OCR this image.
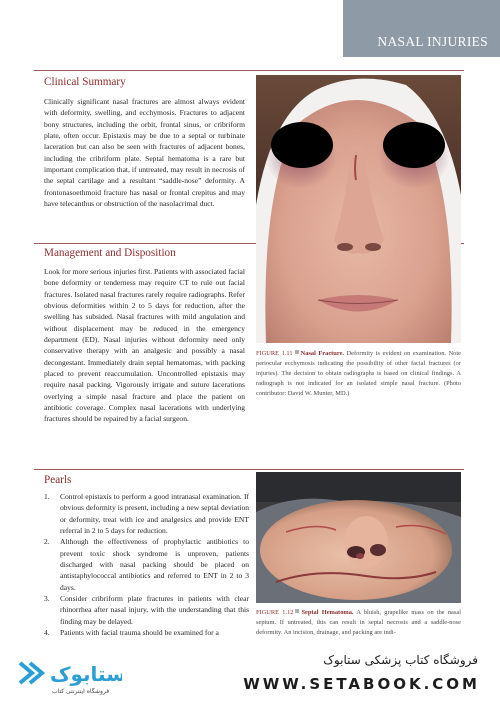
NASAL INJURIES
Clinical Summary

Clinically significant nasal fractures are almost always evident with deformity, swelling, and ecchymosis. Fractures to adjacent bony structures, including the orbit, frontal sinus, or cribriform plate, often occur. Epistaxis may be due to a septal or turbinate laceration but can also be seen with fractures of adjacent bones, including the cribriform plate. Septal hematoma is a rare but important complication that, if untreated, may result in necrosis of the septal cartilage and a resultant “saddle-nose” deformity. A frontonasoethmoid fracture has nasal or frontal crepitus and may have telecanthus or obstruction of the nasolacrimal duct.

Management and Disposition

Look for more serious injuries first. Patients with associated facial bone deformity or tenderness may require CT to rule out facial fractures. Isolated nasal fractures rarely require radiographs. Refer obvious deformities within 2 to 5 days for reduction, after the swelling has subsided. Nasal fractures with mild angulation and without displacement may be reduced in the emergency department (ED). Nasal injuries without deformity need only conservative therapy with an analgesic and possibly a nasal decongestant. Immediately drain septal hematomas, with packing placed to prevent reaccumulation. Uncontrolled epistaxis may require nasal packing. Vigorously irrigate and suture lacerations overlying a simple nasal fracture and place the patient on antibiotic coverage. Complex nasal lacerations with underlying fractures should be repaired by a facial surgeon.

Pearls
1. Control epistaxis to perform a good intranasal examination. If obvious deformity is present, including a new septal deviation or deformity, treat with ice and analgesics and provide ENT referral in 2 to 5 days for reduction.
2. Although the effectiveness of prophylactic antibiotics to prevent toxic shock syndrome is unproven, patients discharged with nasal packing should be placed on antistaphylococcal antibiotics and referred to ENT in 2 to 3 days.
3. Consider cribriform plate fractures in patients with clear rhinorrhea after nasal injury, with the understanding that this finding may be delayed.
4. Patients with facial trauma should be examined for a

FIGURE 1.11 Nasal Fracture. Deformity is evident on examination. Note periocular ecchymosis indicating the possibility of other facial fractures (or injuries). The decision to obtain radiographs is based on clinical findings. A radiograph is not indicated for an isolated simple nasal fracture. (Photo contributor: David W. Munter, MD.)

FIGURE 1.12 Septal Hematoma. A bluish, grapelike mass on the nasal septum. If untreated, this can result in septal necrosis and a saddle-nose deformity. An incision, drainage, and packing are indi-

ستابوک
فروشگاه اینترنتی کتاب
فروشگاه کتاب پزشکی ستابوک
WWW.SETABOOK.COM
